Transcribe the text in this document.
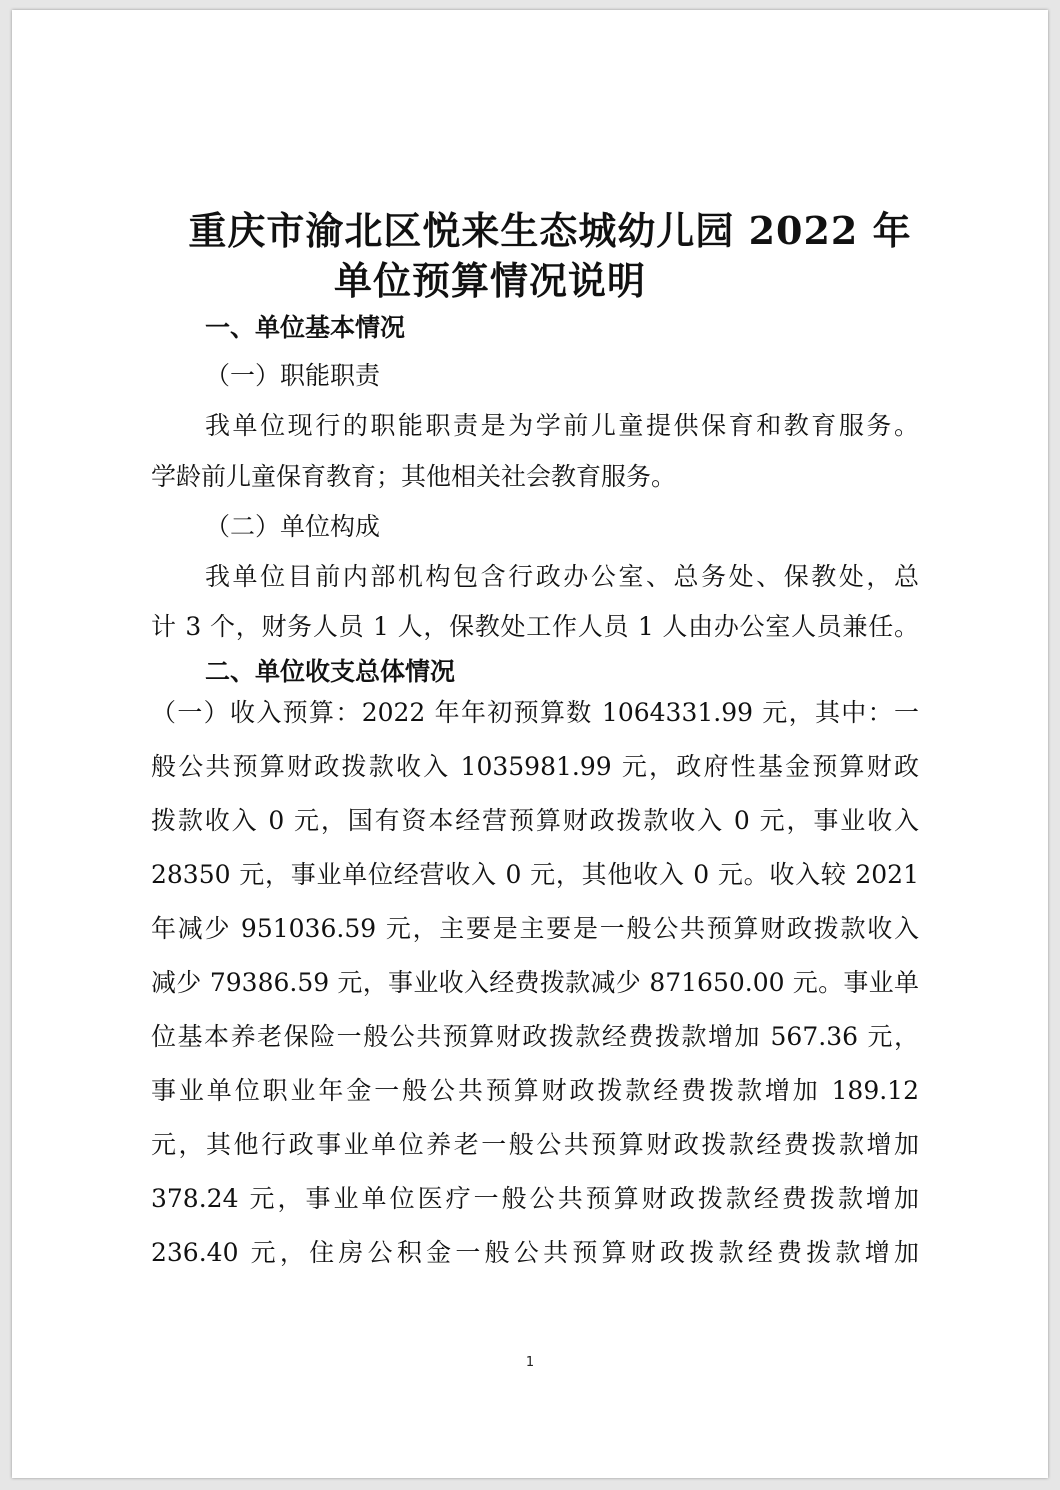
重庆市渝北区悦来生态城幼儿园 2022 年
单位预算情况说明
一、单位基本情况
（一）职能职责
我单位现行的职能职责是为学前儿童提供保育和教育服务。
学龄前儿童保育教育；其他相关社会教育服务。
（二）单位构成
我单位目前内部机构包含行政办公室、总务处、保教处，总
计 3 个，财务人员 1 人，保教处工作人员 1 人由办公室人员兼任。
二、单位收支总体情况
（一）收入预算：2022 年年初预算数 1064331.99 元，其中：一
般公共预算财政拨款收入 1035981.99 元，政府性基金预算财政
拨款收入 0 元，国有资本经营预算财政拨款收入 0 元，事业收入
28350 元，事业单位经营收入 0 元，其他收入 0 元。收入较 2021
年减少 951036.59 元，主要是主要是一般公共预算财政拨款收入
减少 79386.59 元，事业收入经费拨款减少 871650.00 元。事业单
位基本养老保险一般公共预算财政拨款经费拨款增加 567.36 元，
事业单位职业年金一般公共预算财政拨款经费拨款增加 189.12
元，其他行政事业单位养老一般公共预算财政拨款经费拨款增加
378.24 元，事业单位医疗一般公共预算财政拨款经费拨款增加
236.40 元，住房公积金一般公共预算财政拨款经费拨款增加
1
